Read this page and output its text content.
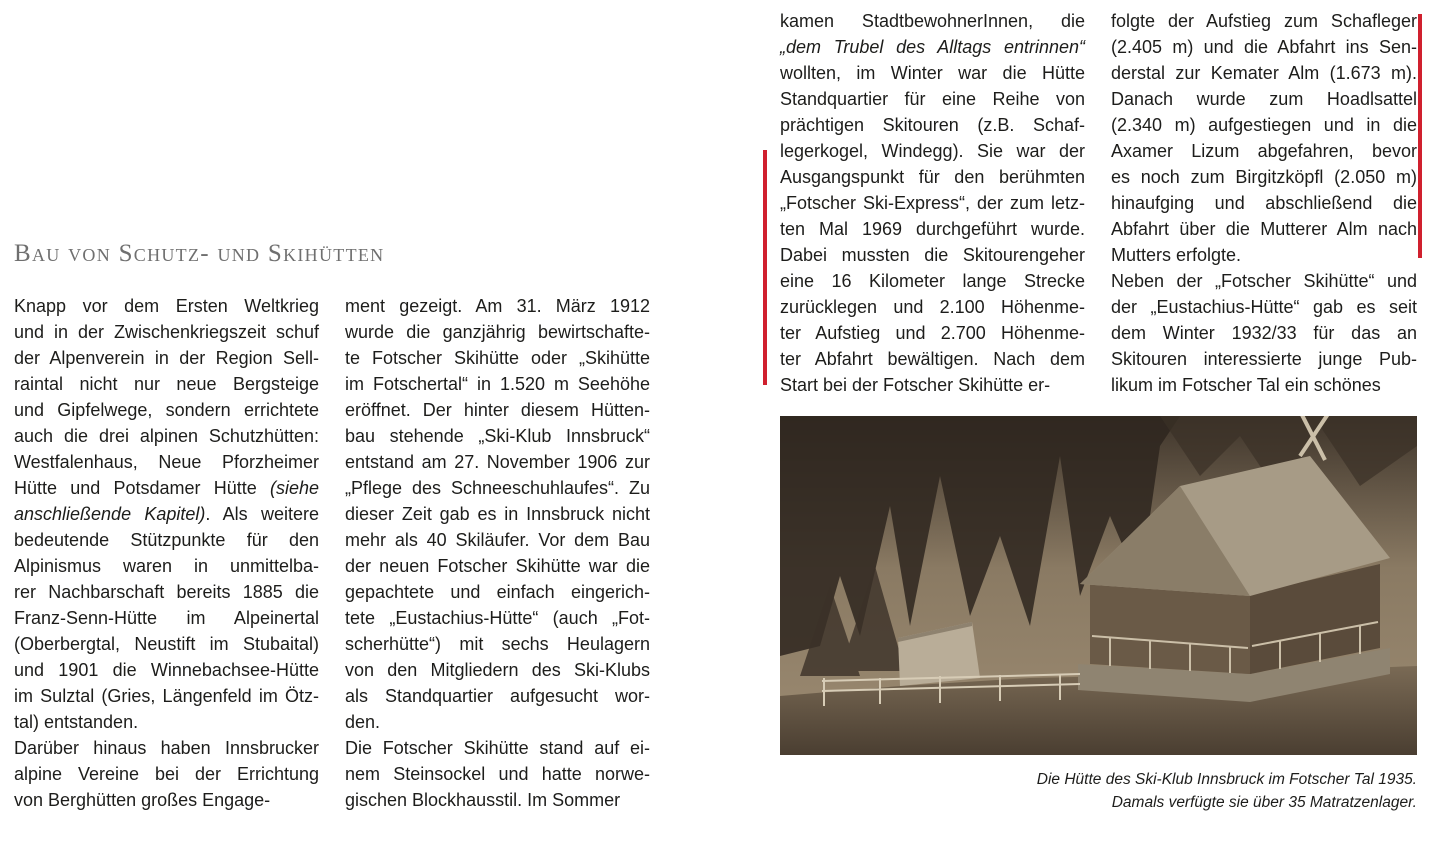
Bau von Schutz- und Skihütten
Knapp vor dem Ersten Weltkrieg
und in der Zwischenkriegszeit schuf
der Alpenverein in der Region Sell-
raintal nicht nur neue Bergsteige
und Gipfelwege, sondern errichtete
auch die drei alpinen Schutzhütten:
Westfalenhaus, Neue Pforzheimer
Hütte und Potsdamer Hütte (siehe
anschließende Kapitel). Als weitere
bedeutende Stützpunkte für den
Alpinismus waren in unmittelba-
rer Nachbarschaft bereits 1885 die
Franz-Senn-Hütte im Alpeinertal
(Oberbergtal, Neustift im Stubaital)
und 1901 die Winnebachsee-Hütte
im Sulztal (Gries, Längenfeld im Ötz-
tal) entstanden.
Darüber hinaus haben Innsbrucker
alpine Vereine bei der Errichtung
von Berghütten großes Engage-
ment gezeigt. Am 31. März 1912
wurde die ganzjährig bewirtschafte-
te Fotscher Skihütte oder „Skihütte
im Fotschertal“ in 1.520 m Seehöhe
eröffnet. Der hinter diesem Hütten-
bau stehende „Ski-Klub Innsbruck“
entstand am 27. November 1906 zur
„Pflege des Schneeschuhlaufes“. Zu
dieser Zeit gab es in Innsbruck nicht
mehr als 40 Skiläufer. Vor dem Bau
der neuen Fotscher Skihütte war die
gepachtete und einfach eingerich-
tete „Eustachius-Hütte“ (auch „Fot-
scherhütte“) mit sechs Heulagern
von den Mitgliedern des Ski-Klubs
als Standquartier aufgesucht wor-
den.
Die Fotscher Skihütte stand auf ei-
nem Steinsockel und hatte norwe-
gischen Blockhausstil. Im Sommer
kamen StadtbewohnerInnen, die
„dem Trubel des Alltags entrinnen“
wollten, im Winter war die Hütte
Standquartier für eine Reihe von
prächtigen Skitouren (z.B. Schaf-
legerkogel, Windegg). Sie war der
Ausgangspunkt für den berühmten
„Fotscher Ski-Express“, der zum letz-
ten Mal 1969 durchgeführt wurde.
Dabei mussten die Skitourengeher
eine 16 Kilometer lange Strecke
zurücklegen und 2.100 Höhenme-
ter Aufstieg und 2.700 Höhenme-
ter Abfahrt bewältigen. Nach dem
Start bei der Fotscher Skihütte er-
folgte der Aufstieg zum Schafleger
(2.405 m) und die Abfahrt ins Sen-
derstal zur Kemater Alm (1.673 m).
Danach wurde zum Hoadlsattel
(2.340 m) aufgestiegen und in die
Axamer Lizum abgefahren, bevor
es noch zum Birgitzköpfl (2.050 m)
hinaufging und abschließend die
Abfahrt über die Mutterer Alm nach
Mutters erfolgte.
Neben der „Fotscher Skihütte“ und
der „Eustachius-Hütte“ gab es seit
dem Winter 1932/33 für das an
Skitouren interessierte junge Pub-
likum im Fotscher Tal ein schönes
Die Hütte des Ski-Klub Innsbruck im Fotscher Tal 1935.
Damals verfügte sie über 35 Matratzenlager.
